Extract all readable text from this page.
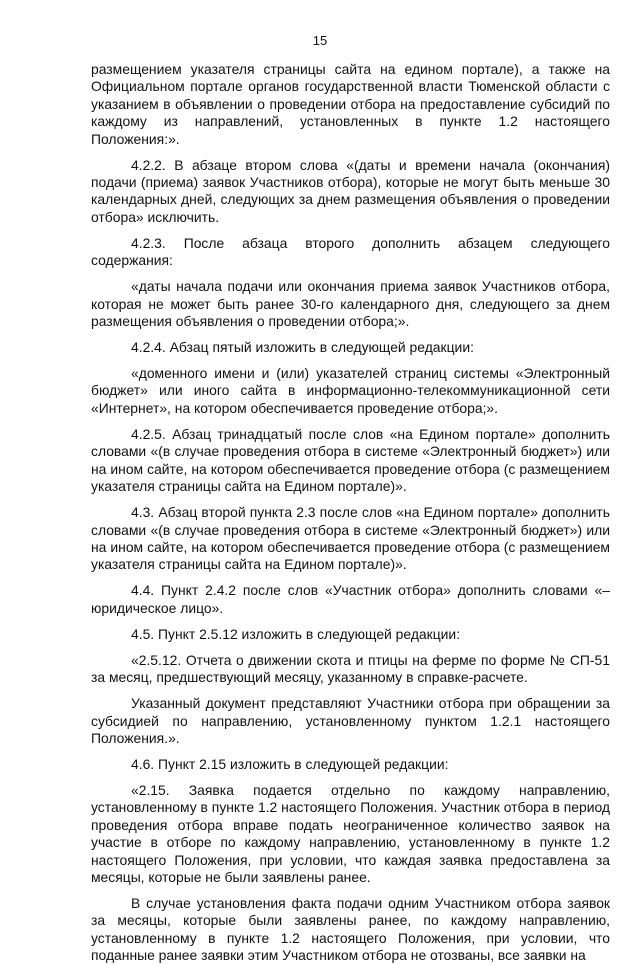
15

размещением указателя страницы сайта на едином портале), а также на Официальном портале органов государственной власти Тюменской области с указанием в объявлении о проведении отбора на предоставление субсидий по каждому из направлений, установленных в пункте 1.2 настоящего Положения:».

4.2.2. В абзаце втором слова «(даты и времени начала (окончания) подачи (приема) заявок Участников отбора), которые не могут быть меньше 30 календарных дней, следующих за днем размещения объявления о проведении отбора» исключить.

4.2.3. После абзаца второго дополнить абзацем следующего содержания:

«даты начала подачи или окончания приема заявок Участников отбора, которая не может быть ранее 30-го календарного дня, следующего за днем размещения объявления о проведении отбора;».

4.2.4. Абзац пятый изложить в следующей редакции:

«доменного имени и (или) указателей страниц системы «Электронный бюджет» или иного сайта в информационно-телекоммуникационной сети «Интернет», на котором обеспечивается проведение отбора;».

4.2.5. Абзац тринадцатый после слов «на Едином портале» дополнить словами «(в случае проведения отбора в системе «Электронный бюджет») или на ином сайте, на котором обеспечивается проведение отбора (с размещением указателя страницы сайта на Едином портале)».

4.3. Абзац второй пункта 2.3 после слов «на Едином портале» дополнить словами «(в случае проведения отбора в системе «Электронный бюджет») или на ином сайте, на котором обеспечивается проведение отбора (с размещением указателя страницы сайта на Едином портале)».

4.4. Пункт 2.4.2 после слов «Участник отбора» дополнить словами «– юридическое лицо».

4.5. Пункт 2.5.12 изложить в следующей редакции:

«2.5.12. Отчета о движении скота и птицы на ферме по форме № СП-51 за месяц, предшествующий месяцу, указанному в справке-расчете.

Указанный документ представляют Участники отбора при обращении за субсидией по направлению, установленному пунктом 1.2.1 настоящего Положения.».

4.6. Пункт 2.15 изложить в следующей редакции:

«2.15. Заявка подается отдельно по каждому направлению, установленному в пункте 1.2 настоящего Положения. Участник отбора в период проведения отбора вправе подать неограниченное количество заявок на участие в отборе по каждому направлению, установленному в пункте 1.2 настоящего Положения, при условии, что каждая заявка предоставлена за месяцы, которые не были заявлены ранее.

В случае установления факта подачи одним Участником отбора заявок за месяцы, которые были заявлены ранее, по каждому направлению, установленному в пункте 1.2 настоящего Положения, при условии, что поданные ранее заявки этим Участником отбора не отозваны, все заявки на
